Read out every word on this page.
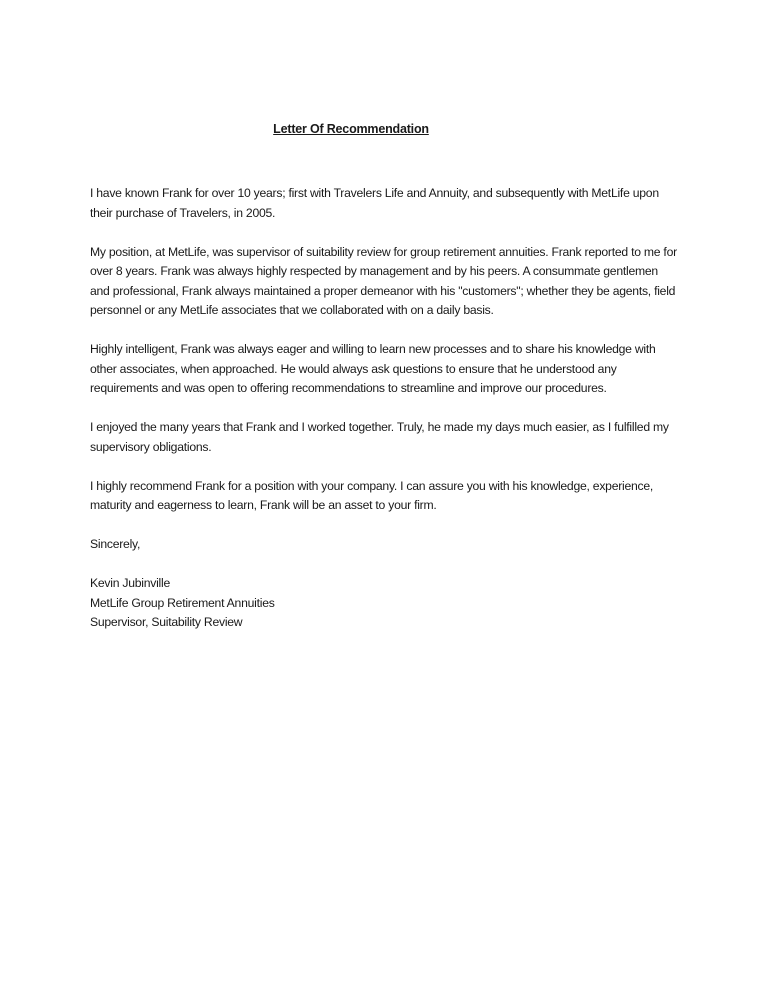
Letter Of Recommendation

I have known Frank for over 10 years; first with Travelers Life and Annuity, and subsequently with MetLife upon their purchase of Travelers, in 2005.

My position, at MetLife, was supervisor of suitability review for group retirement annuities. Frank reported to me for over 8 years. Frank was always highly respected by management and by his peers. A consummate gentlemen and professional, Frank always maintained a proper demeanor with his "customers"; whether they be agents, field personnel or any MetLife associates that we collaborated with on a daily basis.

Highly intelligent, Frank was always eager and willing to learn new processes and to share his knowledge with other associates, when approached. He would always ask questions to ensure that he understood any requirements and was open to offering recommendations to streamline and improve our procedures.

I enjoyed the many years that Frank and I worked together. Truly, he made my days much easier, as I fulfilled my supervisory obligations.

I highly recommend Frank for a position with your company. I can assure you with his knowledge, experience, maturity and eagerness to learn, Frank will be an asset to your firm.

Sincerely,

Kevin Jubinville
MetLife Group Retirement Annuities
Supervisor, Suitability Review
